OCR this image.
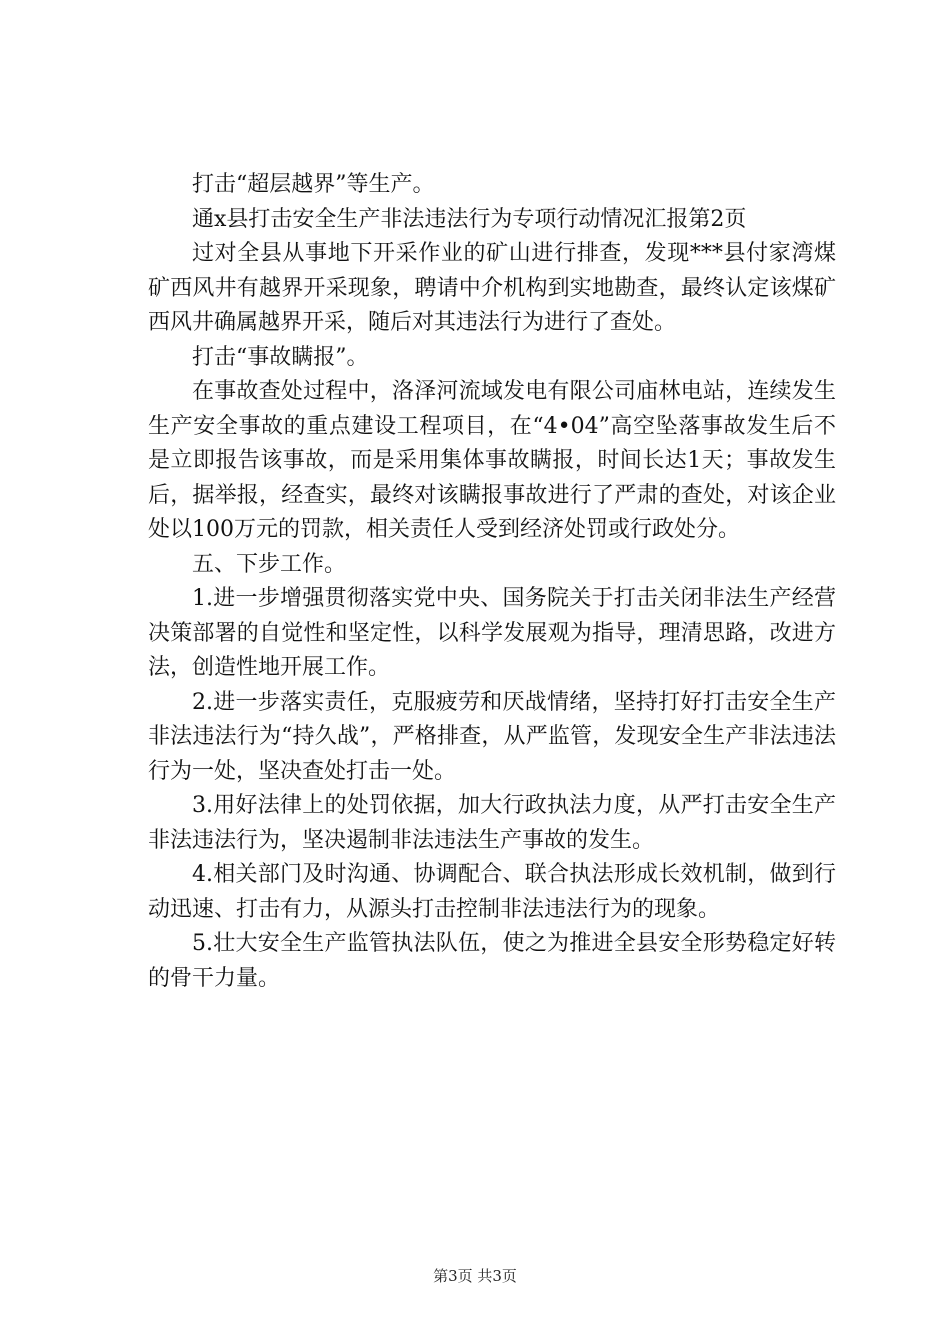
打击“超层越界”等生产。

通x县打击安全生产非法违法行为专项行动情况汇报第2页

过对全县从事地下开采作业的矿山进行排查，发现***县付家湾煤矿西风井有越界开采现象，聘请中介机构到实地勘查，最终认定该煤矿西风井确属越界开采，随后对其违法行为进行了查处。

打击“事故瞒报”。

在事故查处过程中，洛泽河流域发电有限公司庙林电站，连续发生生产安全事故的重点建设工程项目，在“4•04”高空坠落事故发生后不是立即报告该事故，而是采用集体事故瞒报，时间长达1天；事故发生后，据举报，经查实，最终对该瞒报事故进行了严肃的查处，对该企业处以100万元的罚款，相关责任人受到经济处罚或行政处分。

五、下步工作。

1.进一步增强贯彻落实党中央、国务院关于打击关闭非法生产经营决策部署的自觉性和坚定性，以科学发展观为指导，理清思路，改进方法，创造性地开展工作。

2.进一步落实责任，克服疲劳和厌战情绪，坚持打好打击安全生产非法违法行为“持久战”，严格排查，从严监管，发现安全生产非法违法行为一处，坚决查处打击一处。

3.用好法律上的处罚依据，加大行政执法力度，从严打击安全生产非法违法行为，坚决遏制非法违法生产事故的发生。

4.相关部门及时沟通、协调配合、联合执法形成长效机制，做到行动迅速、打击有力，从源头打击控制非法违法行为的现象。

5.壮大安全生产监管执法队伍，使之为推进全县安全形势稳定好转的骨干力量。

第3页 共3页
